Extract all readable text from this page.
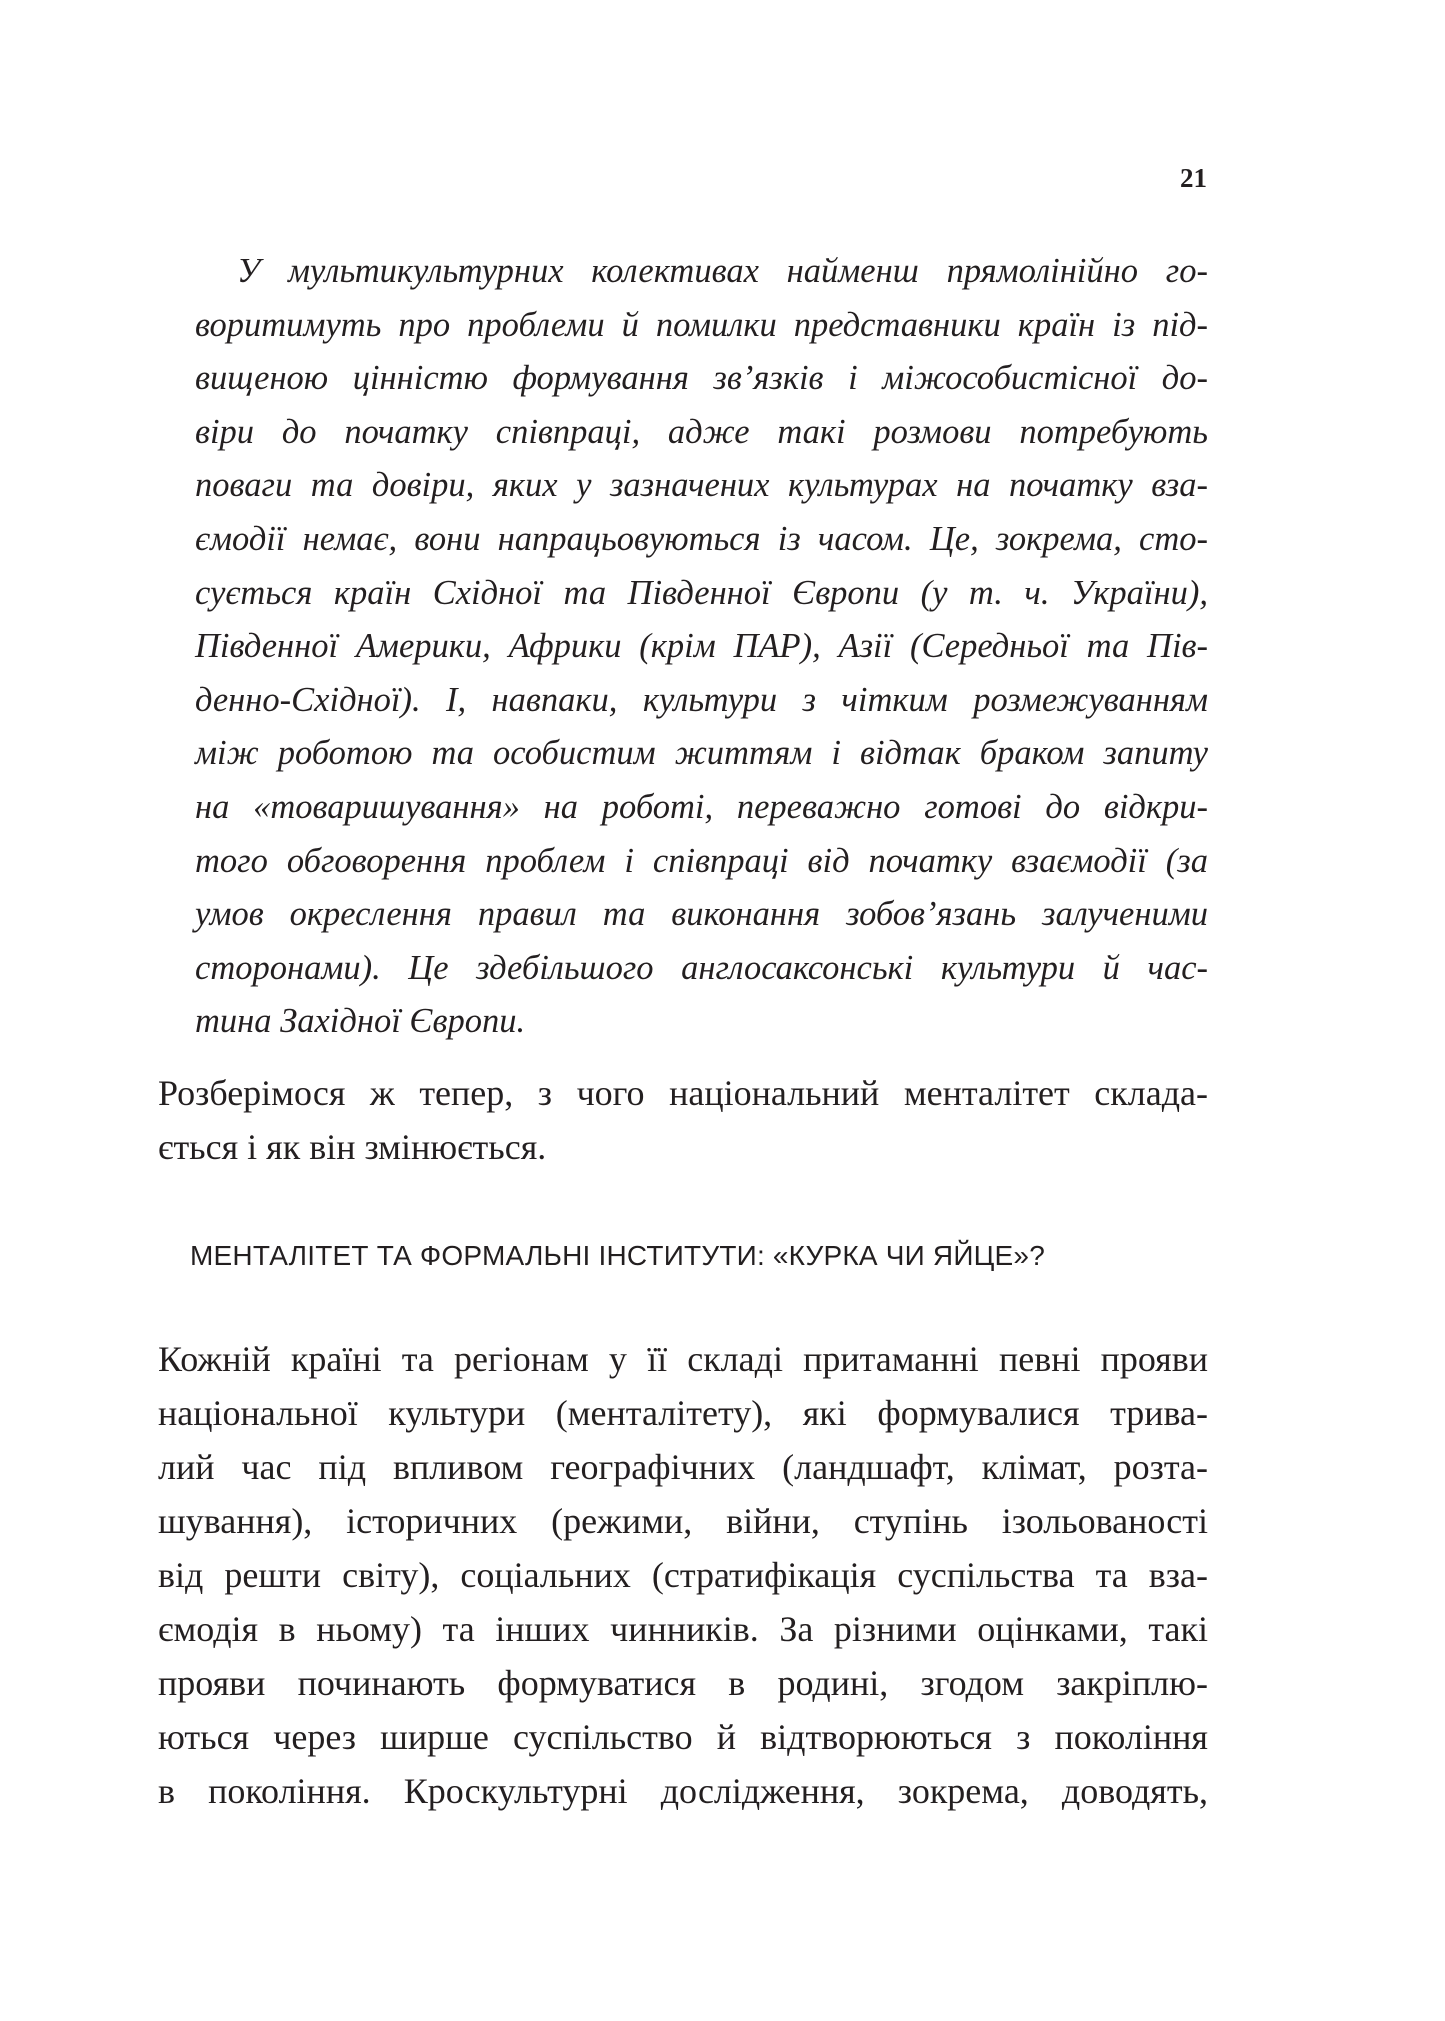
21
У мультикультурних колективах найменш прямолінійно го-
воритимуть про проблеми й помилки представники країн із під-
вищеною цінністю формування зв’язків і міжособистісної до-
віри до початку співпраці, адже такі розмови потребують
поваги та довіри, яких у зазначених культурах на початку вза-
ємодії немає, вони напрацьовуються із часом. Це, зокрема, сто-
сується країн Східної та Південної Європи (у т. ч. України),
Південної Америки, Африки (крім ПАР), Азії (Середньої та Пів-
денно-Східної). І, навпаки, культури з чітким розмежуванням
між роботою та особистим життям і відтак браком запиту
на «товаришування» на роботі, переважно готові до відкри-
того обговорення проблем і співпраці від початку взаємодії (за
умов окреслення правил та виконання зобов’язань залученими
сторонами). Це здебільшого англосаксонські культури й час-
тина Західної Європи.
Розберімося ж тепер, з чого національний менталітет склада-
ється і як він змінюється.
МЕНТАЛІТЕТ ТА ФОРМАЛЬНІ ІНСТИТУТИ: «КУРКА ЧИ ЯЙЦЕ»?
Кожній країні та регіонам у її складі притаманні певні прояви
національної культури (менталітету), які формувалися трива-
лий час під впливом географічних (ландшафт, клімат, розта-
шування), історичних (режими, війни, ступінь ізольованості
від решти світу), соціальних (стратифікація суспільства та вза-
ємодія в ньому) та інших чинників. За різними оцінками, такі
прояви починають формуватися в родині, згодом закріплю-
ються через ширше суспільство й відтворюються з покоління
в покоління. Кроскультурні дослідження, зокрема, доводять,
